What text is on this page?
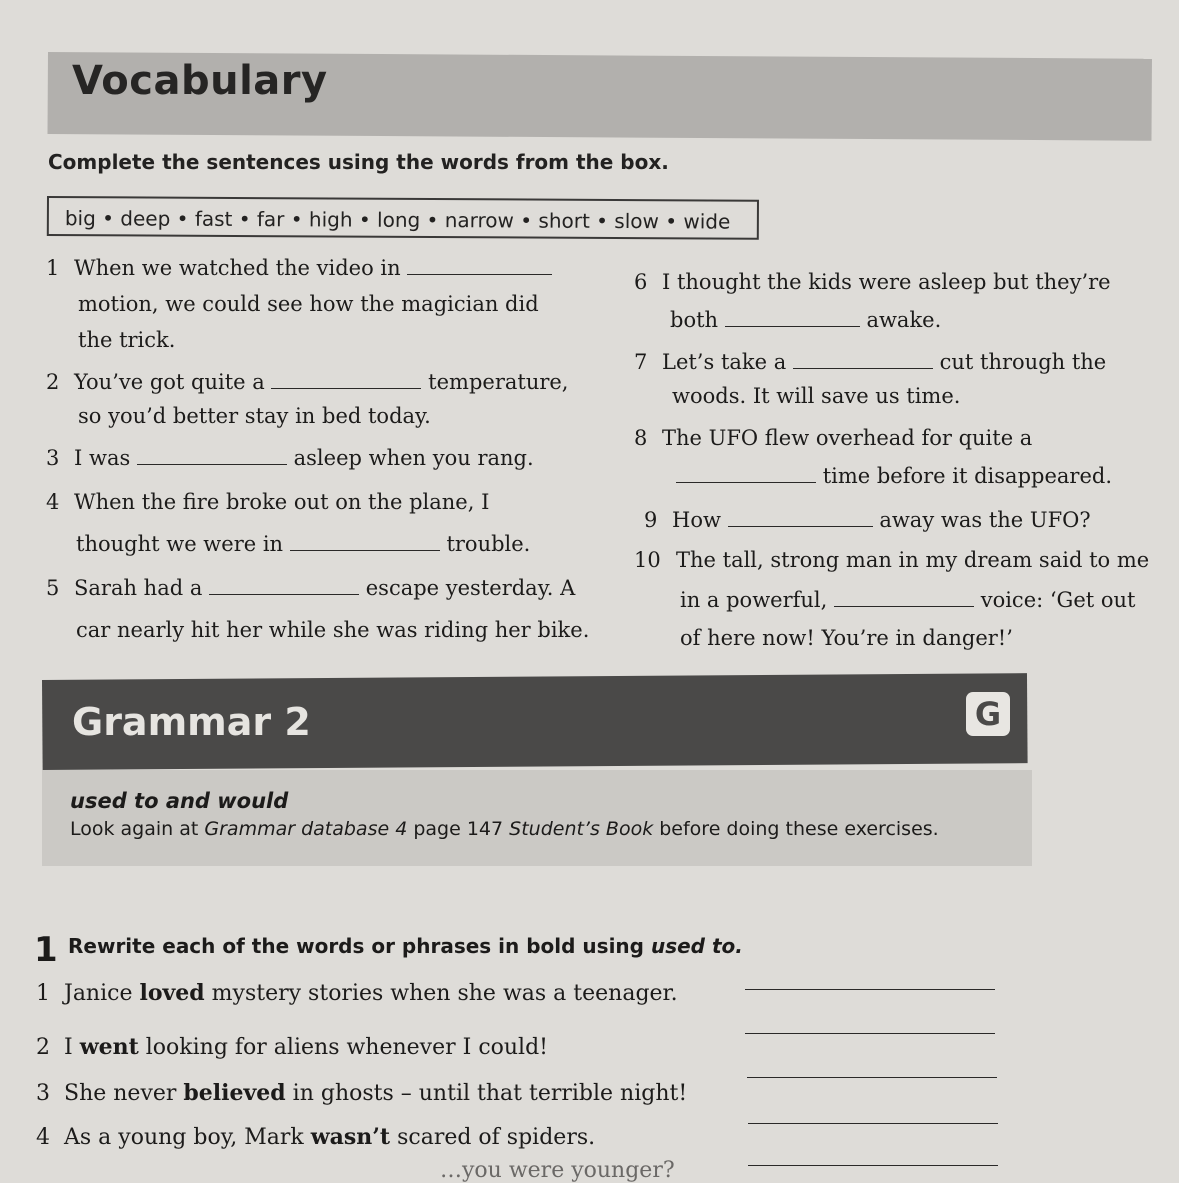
Vocabulary
Complete the sentences using the words from the box.
big • deep • fast • far • high • long • narrow • short • slow • wide
1 When we watched the video in
motion, we could see how the magician did
the trick.
2 You’ve got quite a	temperature,
so you’d better stay in bed today.
3 I was	asleep when you rang.
4 When the fire broke out on the plane, I
thought we were in	trouble.
5 Sarah had a	escape yesterday. A
car nearly hit her while she was riding her bike.
6 I thought the kids were asleep but they’re
both	awake.
7 Let’s take a	cut through the
woods. It will save us time.
8 The UFO flew overhead for quite a
time before it disappeared.
9 How	away was the UFO?
10 The tall, strong man in my dream said to me
in a powerful,	voice: ‘Get out
of here now! You’re in danger!’
Grammar 2	G
used to and would
Look again at Grammar database 4 page 147 Student’s Book before doing these exercises.
1 Rewrite each of the words or phrases in bold using used to.
1 Janice loved mystery stories when she was a teenager.
2 I went looking for aliens whenever I could!
3 She never believed in ghosts – until that terrible night!
4 As a young boy, Mark wasn’t scared of spiders.
…you were younger?
